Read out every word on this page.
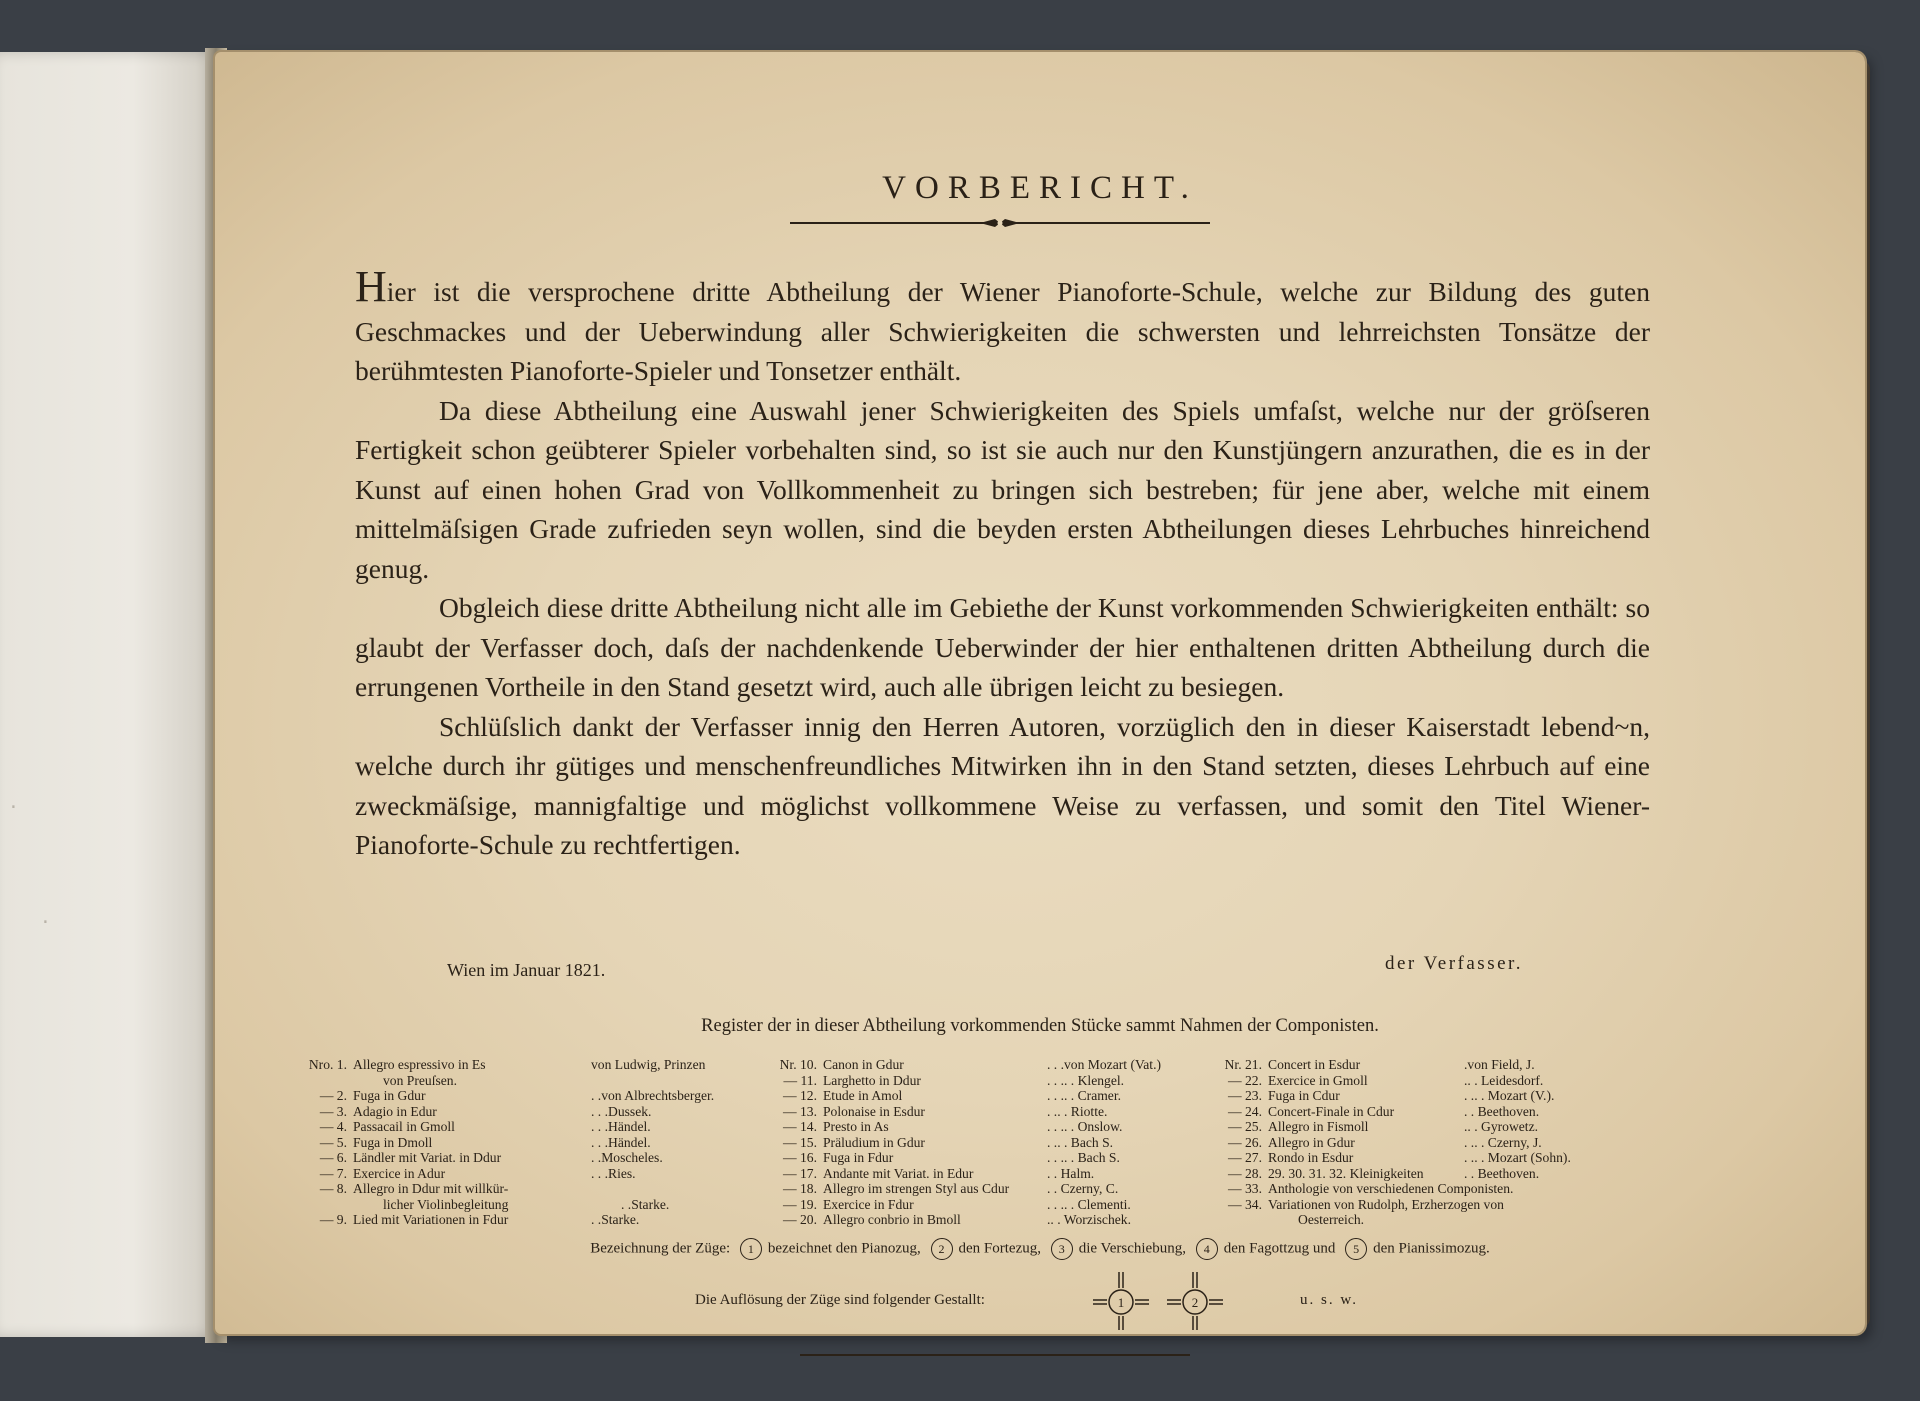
·
·
VORBERICHT.

Hier ist die versprochene dritte Abtheilung der Wiener Pianoforte-Schule, welche zur Bildung des guten Geschmackes und der Ueberwindung aller Schwierigkeiten die schwersten und lehrreichsten Tonsätze der berühmtesten Pianoforte-Spieler und Tonsetzer enthält.

Da diese Abtheilung eine Auswahl jener Schwierigkeiten des Spiels umfaſst, welche nur der gröſseren Fertigkeit schon geübterer Spieler vorbehalten sind, so ist sie auch nur den Kunstjüngern anzurathen, die es in der Kunst auf einen hohen Grad von Vollkommenheit zu bringen sich bestreben; für jene aber, welche mit einem mittelmäſsigen Grade zufrieden seyn wollen, sind die beyden ersten Abtheilungen dieses Lehrbuches hinreichend genug.

Obgleich diese dritte Abtheilung nicht alle im Gebiethe der Kunst vorkommenden Schwierigkeiten enthält: so glaubt der Verfasser doch, daſs der nachdenkende Ueberwinder der hier enthaltenen dritten Abtheilung durch die errungenen Vortheile in den Stand gesetzt wird, auch alle übrigen leicht zu besiegen.

Schlüſslich dankt der Verfasser innig den Herren Autoren, vorzüglich den in dieser Kaiserstadt lebend~n, welche durch ihr gütiges und menschenfreundliches Mitwirken ihn in den Stand setzten, dieses Lehrbuch auf eine zweckmäſsige, mannigfaltige und möglichst vollkommene Weise zu verfassen, und somit den Titel Wiener-Pianoforte-Schule zu rechtfertigen.

Wien im Januar 1821.	der Verfasser.
Register der in dieser Abtheilung vorkommenden Stücke sammt Nahmen der Componisten.
Nro. 1. Allegro espressivo in Es	von Ludwig, Prinzen
von Preuſsen.
— 2. Fuga in Gdur	. . von Albrechtsberger.
— 3. Adagio in Edur	. . . Dussek.
— 4. Passacail in Gmoll	. . . Händel.
— 5. Fuga in Dmoll	. . . Händel.
— 6. Ländler mit Variat. in Ddur	. . Moscheles.
— 7. Exercice in Adur	. . . Ries.
— 8. Allegro in Ddur mit willkür-
licher Violinbegleitung	. . Starke.
— 9. Lied mit Variationen in Fdur	. . Starke.
Nr. 10. Canon in Gdur	. . . von Mozart (Vat.)
— 11. Larghetto in Ddur	. . . . . Klengel.
— 12. Etude in Amol	. . . . . Cramer.
— 13. Polonaise in Esdur	. . . . Riotte.
— 14. Presto in As	. . . . . Onslow.
— 15. Präludium in Gdur	. . . . Bach S.
— 16. Fuga in Fdur	. . . . . Bach S.
— 17. Andante mit Variat. in Edur	. . Halm.
— 18. Allegro im strengen Styl aus Cdur	. . Czerny, C.
— 19. Exercice in Fdur	. . . . . Clementi.
— 20. Allegro conbrio in Bmoll	. . . Worzischek.
Nr. 21. Concert in Esdur	. von Field, J.
— 22. Exercice in Gmoll	. . . Leidesdorf.
— 23. Fuga in Cdur	. . . . Mozart (V.).
— 24. Concert-Finale in Cdur	. . Beethoven.
— 25. Allegro in Fismoll	. . . Gyrowetz.
— 26. Allegro in Gdur	. . . . Czerny, J.
— 27. Rondo in Esdur	. . . . Mozart (Sohn).
— 28. 29. 30. 31. 32. Kleinigkeiten	. . Beethoven.
— 33. Anthologie von verschiedenen Componisten.
— 34. Variationen von Rudolph, Erzherzogen von
Oesterreich.
Bezeichnung der Züge: 1 bezeichnet den Pianozug, 2 den Fortezug, 3 die Verschiebung, 4 den Fagottzug und 5 den Pianissimozug.
Die Auflösung der Züge sind folgender Gestallt:	1	2	u. s. w.
